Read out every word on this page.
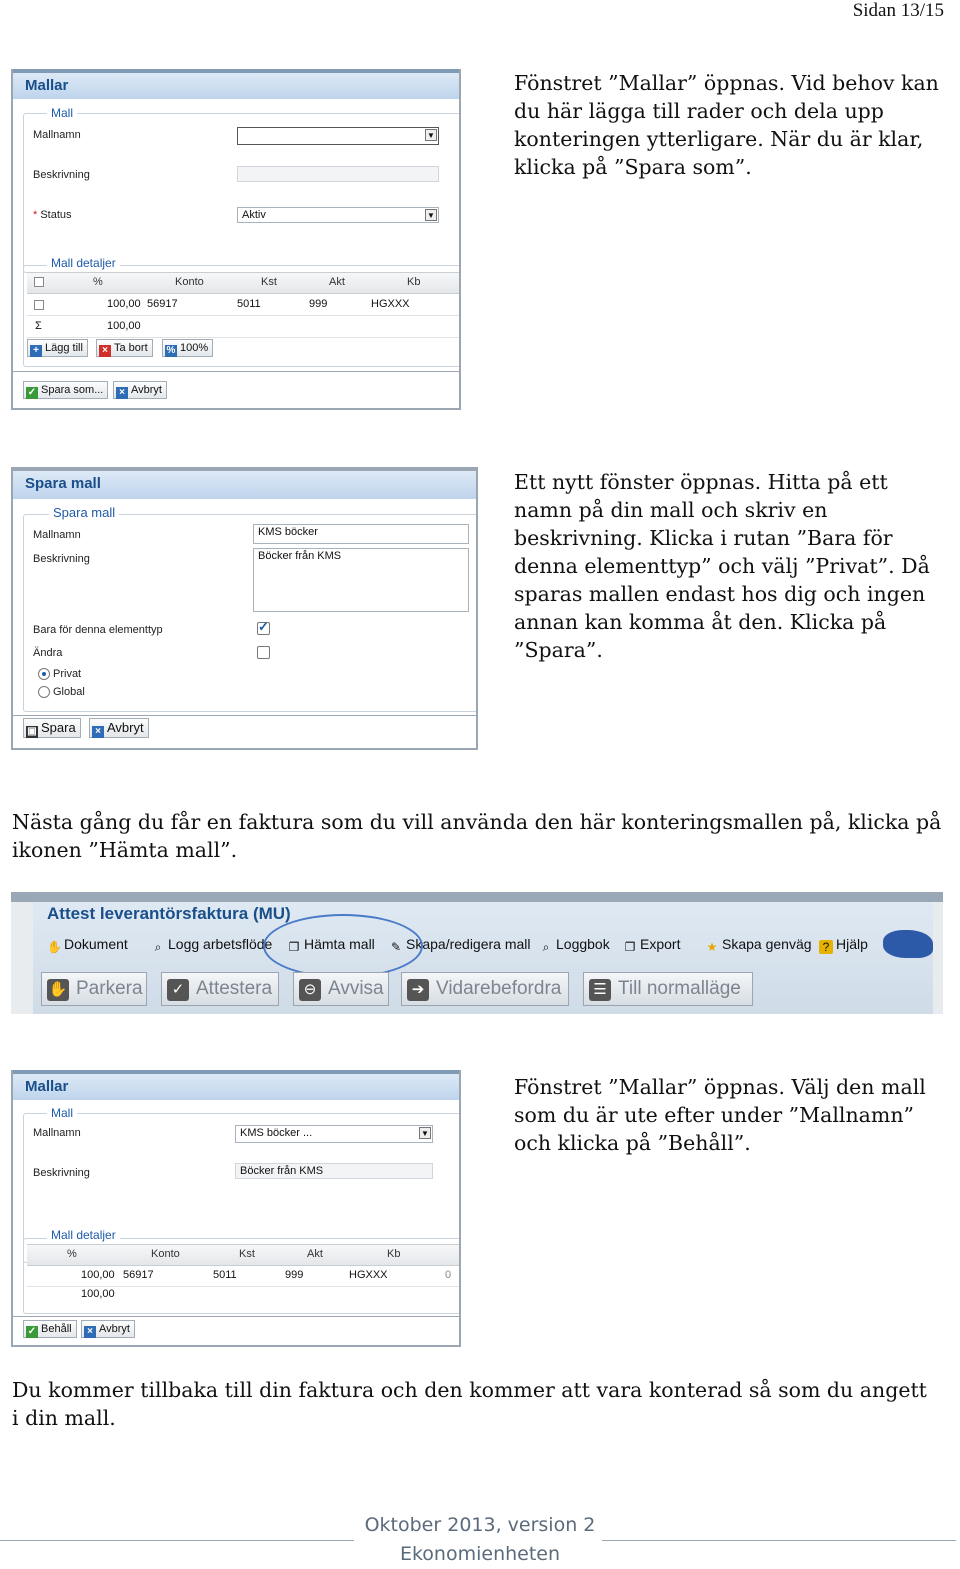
Sidan 13/15
Mallar
Mall
Mallnamn	▼
Beskrivning
* Status	Aktiv	▼
Mall detaljer
%	Konto	Kst	Akt	Kb
100,00 56917	5011	999	HGXXX
Σ	100,00
+ Lägg till	× Ta bort	% 100%
✓ Spara som...	× Avbryt

Fönstret ”Mallar” öppnas. Vid behov kan du här lägga till rader och dela upp konteringen ytterligare. När du är klar, klicka på ”Spara som”.

Spara mall
Spara mall
Mallnamn	KMS böcker
Beskrivning	Böcker från KMS
Bara för denna elementtyp
✓
Ändra
Privat
Global
▣ Spara	× Avbryt

Ett nytt fönster öppnas. Hitta på ett namn på din mall och skriv en beskrivning. Klicka i rutan ”Bara för denna elementtyp” och välj ”Privat”. Då sparas mallen endast hos dig och ingen annan kan komma åt den. Klicka på ”Spara”.

Nästa gång du får en faktura som du vill använda den här konteringsmallen på, klicka på ikonen ”Hämta mall”.

Attest leverantörsfaktura (MU)
✋ Dokument	⌕ Logg arbetsflöde ❐ Hämta mall ✎ Skapa/redigera mall	⌕ Loggbok ❐ Export ★ Skapa genväg ? Hjälp
✋ Parkera	✓ Attestera	⊖ Avvisa	➔ Vidarebefordra	☰ Till normalläge
Mallar
Mall
Mallnamn	KMS böcker ...	▼
Beskrivning	Böcker från KMS
Mall detaljer
%	Konto	Kst	Akt	Kb
100,00 56917	5011	999	HGXXX	0
100,00
✓ Behåll	× Avbryt

Fönstret ”Mallar” öppnas. Välj den mall som du är ute efter under ”Mallnamn” och klicka på ”Behåll”.

Du kommer tillbaka till din faktura och den kommer att vara konterad så som du angett i din mall.

Oktober 2013, version 2
Ekonomienheten
